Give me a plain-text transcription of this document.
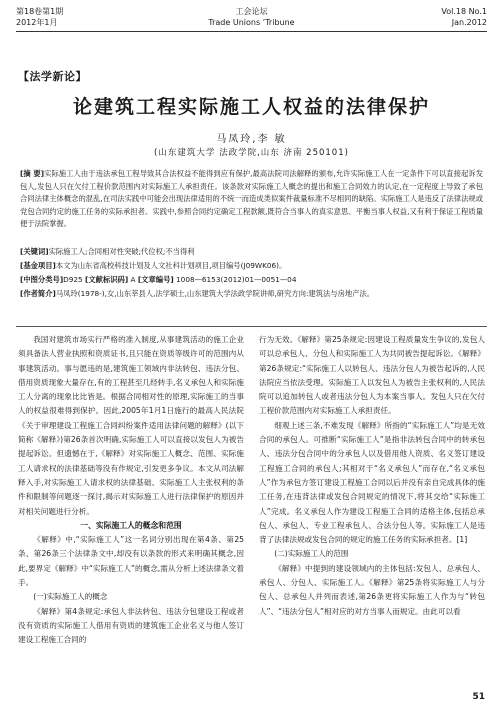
第18卷第1期
2012年1月
工会论坛
Trade Unions ’Tribune
Vol.18 No.1
Jan.2012
【法学新论】
论建筑工程实际施工人权益的法律保护
马凤玲,李 敏
(山东建筑大学 法政学院,山东 济南 250101)
[摘 要]实际施工人由于违法承包工程导致其合法权益不能得到应有保护,最高法院司法解释的颁布,允许实际施工人在一定条件下可以直接起诉发包人,发包人只在欠付工程价款范围内对实际施工人承担责任。该条款对实际施工人概念的提出和施工合同效力的认定,在一定程度上导致了承包合同法律主体概念的混乱,在司法实践中可能会出现法律适用的不统一而造成类似案件裁量标准不尽相同的缺陷。实际施工人是违反了法律法规或党包合同约定的施工任务的实际承担者。实践中,参照合同约定确定工程款额,既符合当事人的真实意思、平衡当事人权益,又有利于保证工程质量便于法院掌握。
[关键词]实际施工人;合同相对性突破;代位权;不当得利
[基金项目]本文为山东省高校科技计划及人文社科计划项目,项目编号(J09WK06)。
[中图分类号]D925 [文献标识码] A [文章编号] 1008—6153(2012)01—0051—04
[作者简介]马凤玲(1978-),女,山东莘县人,法学硕士,山东建筑大学法政学院讲师,研究方向:建筑法与房地产法。

我国对建筑市场实行严格的准入制度,从事建筑活动的施工企业须具备法人营业执照和资质证书,且只能在资质等级许可的范围内从事建筑活动。事与愿违的是,建筑施工领域内非法转包、违法分包、借用资质现象大量存在,有的工程甚至几经转手,名义承包人和实际施工人分离的现象比比皆是。根据合同相对性的原理,实际施工的当事人的权益很难得到保护。因此,2005年1月1日施行的最高人民法院《关于审理建设工程施工合同纠纷案件适用法律问题的解释》(以下简称《解释》)第26条首次明确,实际施工人可以直接以发包人为被告提起诉讼。但遗憾在于,《解释》对实际施工人概念、范围、实际施工人请求权的法律基础等没有作规定,引发更多争议。本文从司法解释入手,对实际施工人请求权的法律基础、实际施工人主张权利的条件和限制等问题逐一探讨,揭示对实际施工人进行法律保护的原因并对相关问题进行分析。

一、实际施工人的概念和范围

《解释》中,“实际施工人”这一名词分别出现在第4条、第25条、第26条三个法律条文中,却没有以条款的形式来明确其概念,因此,要界定《解释》中“实际施工人”的概念,需从分析上述法律条文着手。

(一)实际施工人的概念

《解释》第4条规定:承包人非法转包、违法分包建设工程或者没有资质的实际施工人借用有资质的建筑施工企业名义与他人签订建设工程施工合同的

行为无效。《解释》第25条规定:因建设工程质量发生争议的,发包人可以总承包人、分包人和实际施工人为共同被告提起诉讼。《解释》第26条规定:“实际施工人以转包人、违法分包人为被告起诉的,人民法院应当依法受理。实际施工人以发包人为被告主张权利的,人民法院可以追加转包人或者违法分包人为本案当事人。发包人只在欠付工程价款范围内对实际施工人承担责任。

细观上述三条,不难发现《解释》所指的“实际施工人”均是无效合同的承包人。可推断“实际施工人”是指非法转包合同中的转承包人、违法分包合同中的分承包人以及借用他人资质、名义签订建设工程施工合同的承包人;其相对于“名义承包人”而存在,“名义承包人”作为承包方签订建设工程施工合同以后并没有亲自完成具体的施工任务,在违背法律或发包合同规定的情况下,将其交给“实际施工人”完成。名义承包人作为建设工程施工合同的适格主体,包括总承包人、承包人、专业工程承包人、合法分包人等。实际施工人是违背了法律法规或发包合同的规定的施工任务的实际承担者。[1]

(二)实际施工人的范围

《解释》中提到的建设领域内的主体包括:发包人、总承包人、承包人、分包人、实际施工人。《解释》第25条将实际施工人与分包人、总承包人并列而表述,第26条更将实际施工人作为与“转包人”、“违法分包人”相对应的对方当事人而规定。由此可以看

51
